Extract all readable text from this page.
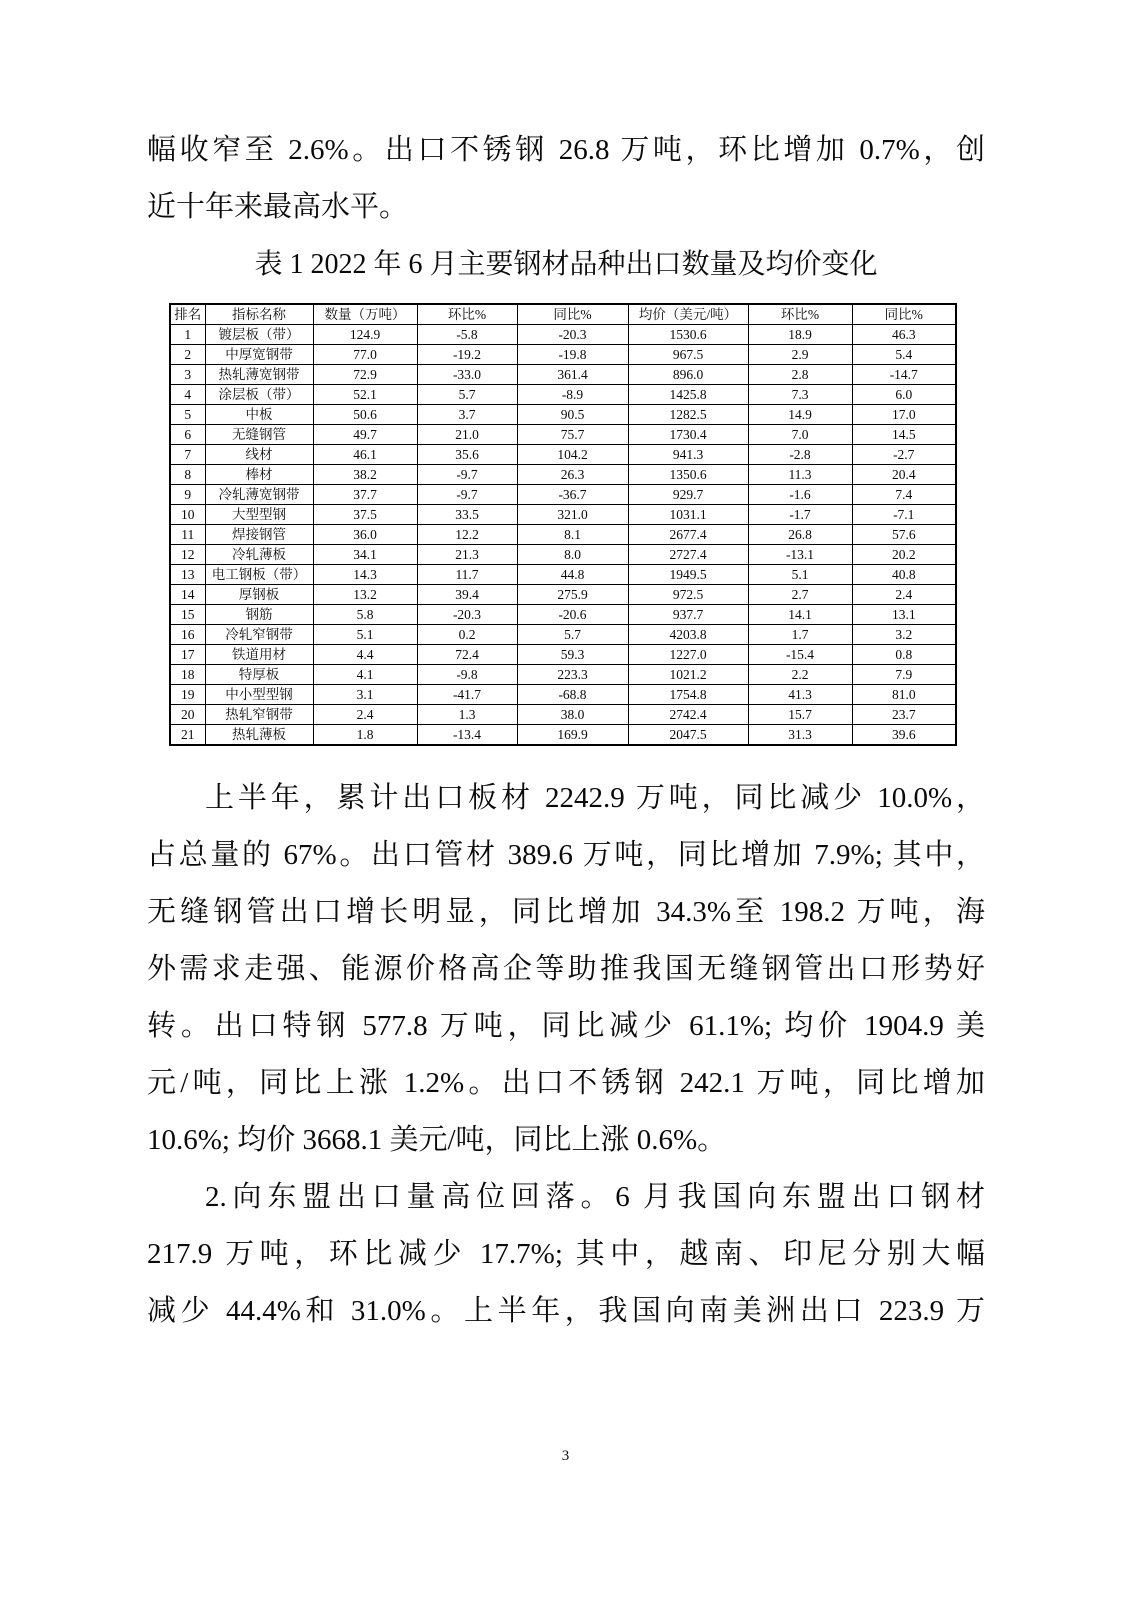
幅收窄至 2.6%。出口不锈钢 26.8 万吨，环比增加 0.7%，创
近十年来最高水平。
表 1 2022 年 6 月主要钢材品种出口数量及均价变化
排名	指标名称	数量（万吨）	环比%	同比%	均价（美元/吨）	环比%	同比%
1	镀层板（带）	124.9	-5.8	-20.3	1530.6	18.9	46.3
2	中厚宽钢带	77.0	-19.2	-19.8	967.5	2.9	5.4
3	热轧薄宽钢带	72.9	-33.0	361.4	896.0	2.8	-14.7
4	涂层板（带）	52.1	5.7	-8.9	1425.8	7.3	6.0
5	中板	50.6	3.7	90.5	1282.5	14.9	17.0
6	无缝钢管	49.7	21.0	75.7	1730.4	7.0	14.5
7	线材	46.1	35.6	104.2	941.3	-2.8	-2.7
8	棒材	38.2	-9.7	26.3	1350.6	11.3	20.4
9	冷轧薄宽钢带	37.7	-9.7	-36.7	929.7	-1.6	7.4
10	大型型钢	37.5	33.5	321.0	1031.1	-1.7	-7.1
11	焊接钢管	36.0	12.2	8.1	2677.4	26.8	57.6
12	冷轧薄板	34.1	21.3	8.0	2727.4	-13.1	20.2
13	电工钢板（带）	14.3	11.7	44.8	1949.5	5.1	40.8
14	厚钢板	13.2	39.4	275.9	972.5	2.7	2.4
15	钢筋	5.8	-20.3	-20.6	937.7	14.1	13.1
16	冷轧窄钢带	5.1	0.2	5.7	4203.8	1.7	3.2
17	铁道用材	4.4	72.4	59.3	1227.0	-15.4	0.8
18	特厚板	4.1	-9.8	223.3	1021.2	2.2	7.9
19	中小型型钢	3.1	-41.7	-68.8	1754.8	41.3	81.0
20	热轧窄钢带	2.4	1.3	38.0	2742.4	15.7	23.7
21	热轧薄板	1.8	-13.4	169.9	2047.5	31.3	39.6
上半年，累计出口板材 2242.9 万吨，同比减少 10.0%，
占总量的 67%。出口管材 389.6 万吨，同比增加 7.9%; 其中，
无缝钢管出口增长明显，同比增加 34.3%至 198.2 万吨，海
外需求走强、能源价格高企等助推我国无缝钢管出口形势好
转。出口特钢 577.8 万吨，同比减少 61.1%; 均价 1904.9 美
元/吨，同比上涨 1.2%。出口不锈钢 242.1 万吨，同比增加
10.6%; 均价 3668.1 美元/吨，同比上涨 0.6%。
2.向东盟出口量高位回落。6 月我国向东盟出口钢材
217.9 万吨，环比减少 17.7%; 其中，越南、印尼分别大幅
减少 44.4%和 31.0%。上半年，我国向南美洲出口 223.9 万
3
